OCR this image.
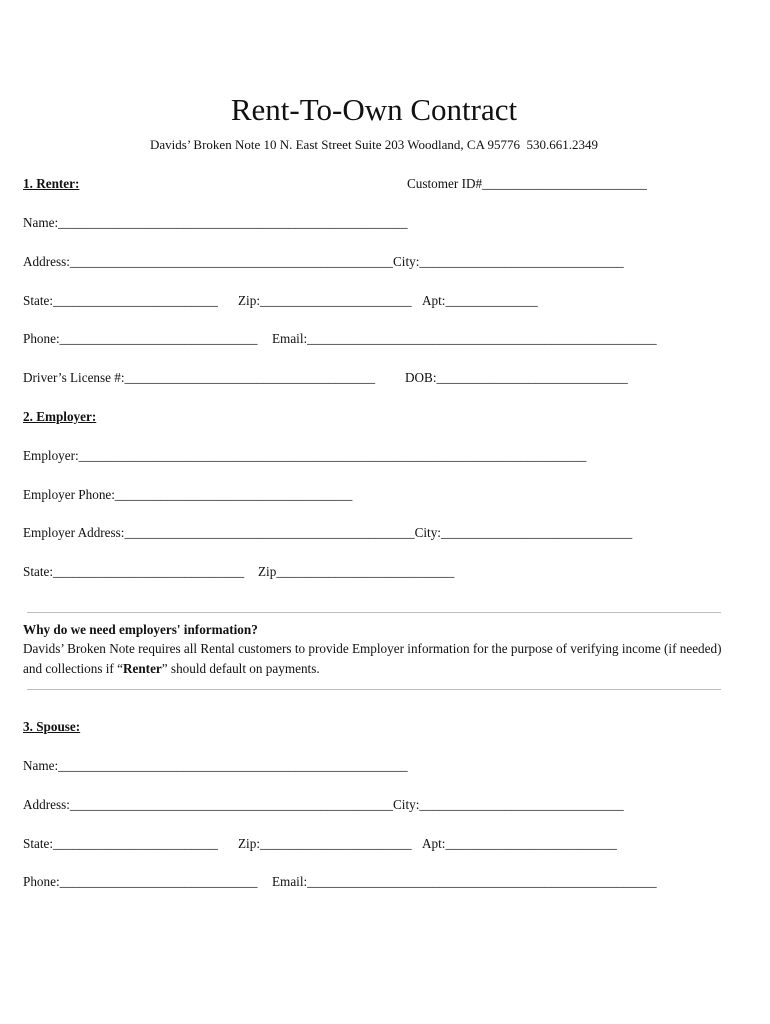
Rent-To-Own Contract
Davids’ Broken Note 10 N. East Street Suite 203 Woodland, CA 95776  530.661.2349
1. Renter:	Customer ID#_________________________
Name:_____________________________________________________
Address:_________________________________________________City:_______________________________
State:_________________________ Zip:_______________________ Apt:______________
Phone:______________________________ Email:_____________________________________________________
Driver’s License #:______________________________________ DOB:_____________________________
2. Employer:
Employer:_____________________________________________________________________________
Employer Phone:____________________________________
Employer Address:____________________________________________City:_____________________________
State:_____________________________ Zip___________________________
Why do we need employers' information?
Davids’ Broken Note requires all Rental customers to provide Employer information for the purpose of verifying income (if needed) and collections if “Renter” should default on payments.
3. Spouse:
Name:_____________________________________________________
Address:_________________________________________________City:_______________________________
State:_________________________ Zip:_______________________ Apt:__________________________
Phone:______________________________ Email:_____________________________________________________
